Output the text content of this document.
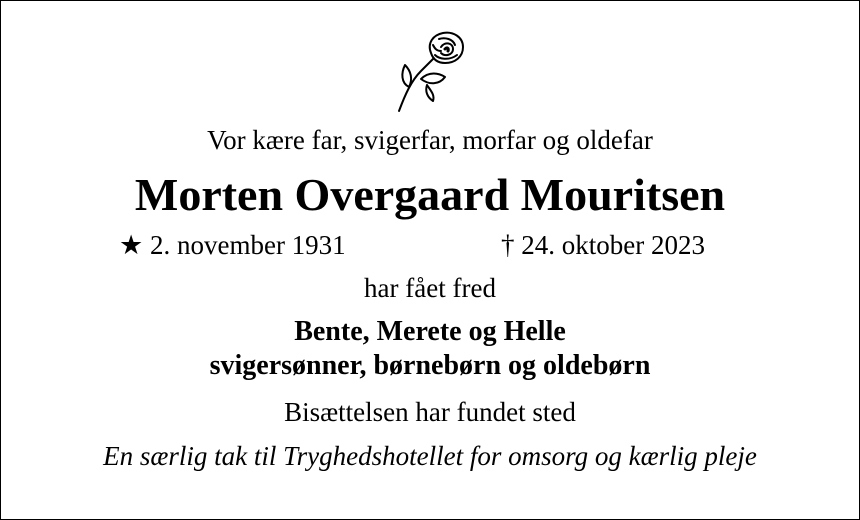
Vor kære far, svigerfar, morfar og oldefar
Morten Overgaard Mouritsen
★ 2. november 1931	† 24. oktober 2023
har fået fred
Bente, Merete og Helle
svigersønner, børnebørn og oldebørn
Bisættelsen har fundet sted
En særlig tak til Tryghedshotellet for omsorg og kærlig pleje
